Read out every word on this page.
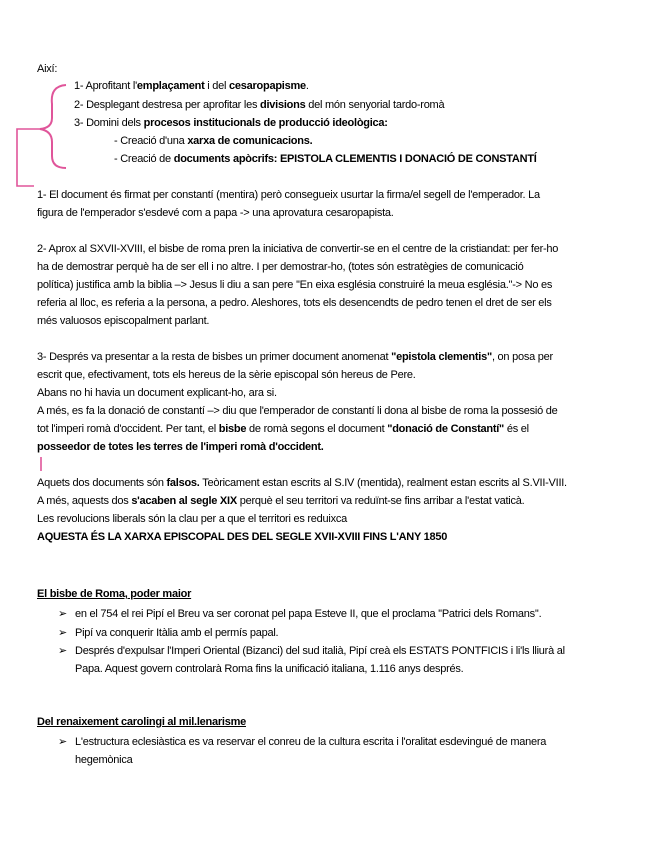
Així:
1- Aprofitant l'emplaçament i del cesaropapisme.
2- Desplegant destresa per aprofitar les divisions del món senyorial tardo-romà
3- Domini dels procesos institucionals de producció ideològica:
- Creació d'una xarxa de comunicacions.
- Creació de documents apòcrifs: EPISTOLA CLEMENTIS I DONACIÓ DE CONSTANTÍ
1- El document és firmat per constantí (mentira) però consegueix usurtar la firma/el segell de l'emperador. La
figura de l'emperador s'esdevé com a papa -> una aprovatura cesaropapista.
2- Aprox al SXVII-XVIII, el bisbe de roma pren la iniciativa de convertir-se en el centre de la cristiandat: per fer-ho
ha de demostrar perquè ha de ser ell i no altre. I per demostrar-ho, (totes són estratègies de comunicació
política) justifica amb la biblia –> Jesus li diu a san pere ''En eixa església construiré la meua església.''-> No es
referia al lloc, es referia a la persona, a pedro. Aleshores, tots els desencendts de pedro tenen el dret de ser els
més valuosos episcopalment parlant.
3- Després va presentar a la resta de bisbes un primer document anomenat "epistola clementis", on posa per
escrit que, efectivament, tots els hereus de la sèrie episcopal són hereus de Pere.
Abans no hi havia un document explicant-ho, ara si.
A més, es fa la donació de constantí –> diu que l'emperador de constantí li dona al bisbe de roma la possesió de
tot l'imperi romà d'occident. Per tant, el bisbe de romà segons el document "donació de Constantí" és el
posseedor de totes les terres de l'imperi romà d'occident.
Aquets dos documents són falsos. Teòricament estan escrits al S.IV (mentida), realment estan escrits al S.VII-VIII.
A més, aquests dos s'acaben al segle XIX perquè el seu territori va reduïnt-se fins arribar a l'estat vaticà.
Les revolucions liberals són la clau per a que el territori es reduixca
AQUESTA ÉS LA XARXA EPISCOPAL DES DEL SEGLE XVII-XVIII FINS L'ANY 1850
El bisbe de Roma, poder maior
➢ en el 754 el rei Pipí el Breu va ser coronat pel papa Esteve II, que el proclama ''Patrici dels Romans''.
➢ Pipí va conquerir Itàlia amb el permís papal.
➢ Després d'expulsar l'Imperi Oriental (Bizanci) del sud italià, Pipí creà els ESTATS PONTFICIS i li'ls lliurà al
Papa. Aquest govern controlarà Roma fins la unificació italiana, 1.116 anys després.
Del renaixement carolingi al mil.lenarisme
➢ L'estructura eclesiàstica es va reservar el conreu de la cultura escrita i l'oralitat esdevingué de manera
hegemònica
